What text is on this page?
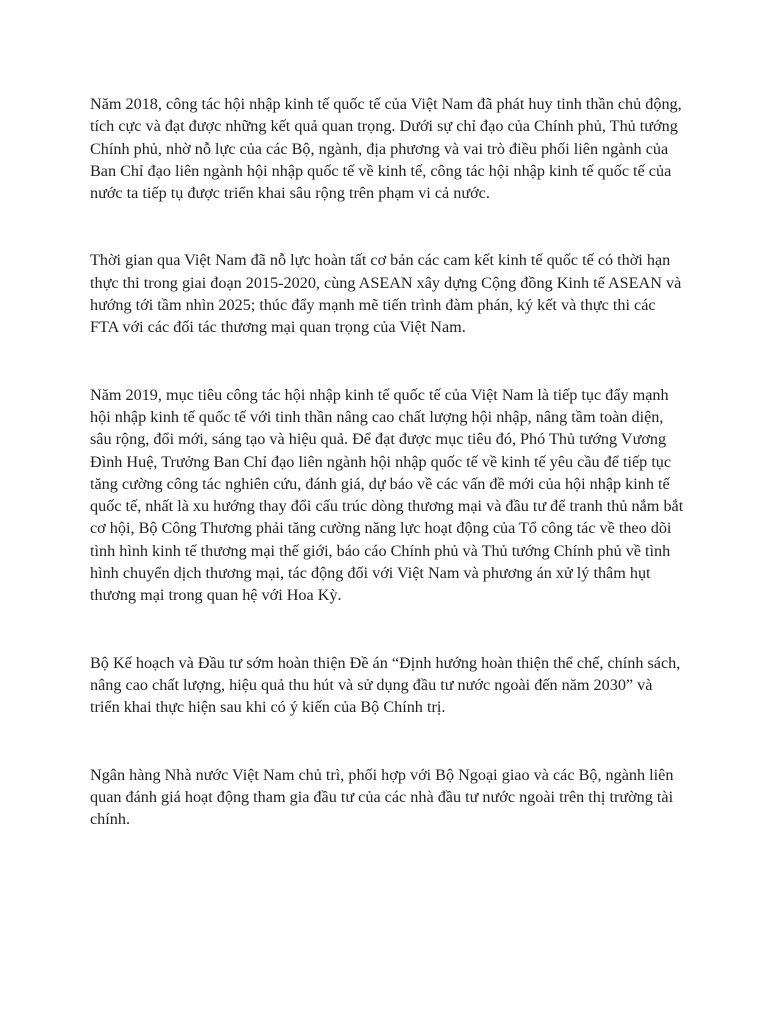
Năm 2018, công tác hội nhập kinh tế quốc tế của Việt Nam đã phát huy tinh thần chủ động, tích cực và đạt được những kết quả quan trọng. Dưới sự chỉ đạo của Chính phủ, Thủ tướng Chính phủ, nhờ nỗ lực của các Bộ, ngành, địa phương và vai trò điều phối liên ngành của Ban Chỉ đạo liên ngành hội nhập quốc tế về kinh tế, công tác hội nhập kinh tế quốc tế của nước ta tiếp tụ được triển khai sâu rộng trên phạm vi cả nước.

Thời gian qua Việt Nam đã nỗ lực hoàn tất cơ bản các cam kết kinh tế quốc tế có thời hạn thực thi trong giai đoạn 2015-2020, cùng ASEAN xây dựng Cộng đồng Kinh tế ASEAN và hướng tới tầm nhìn 2025; thúc đẩy mạnh mẽ tiến trình đàm phán, ký kết và thực thi các FTA với các đối tác thương mại quan trọng của Việt Nam.

Năm 2019, mục tiêu công tác hội nhập kinh tế quốc tế của Việt Nam là tiếp tục đẩy mạnh hội nhập kinh tế quốc tế với tinh thần nâng cao chất lượng hội nhập, nâng tầm toàn diện, sâu rộng, đổi mới, sáng tạo và hiệu quả. Để đạt được mục tiêu đó, Phó Thủ tướng Vương Đình Huệ, Trưởng Ban Chỉ đạo liên ngành hội nhập quốc tế về kinh tế yêu cầu để tiếp tục tăng cường công tác nghiên cứu, đánh giá, dự báo về các vấn đề mới của hội nhập kinh tế quốc tế, nhất là xu hướng thay đổi cấu trúc dòng thương mại và đầu tư để tranh thủ nắm bắt cơ hội, Bộ Công Thương phải tăng cường năng lực hoạt động của Tổ công tác về theo dõi tình hình kinh tế thương mại thế giới, báo cáo Chính phủ và Thủ tướng Chính phủ về tình hình chuyển dịch thương mại, tác động đối với Việt Nam và phương án xử lý thâm hụt thương mại trong quan hệ với Hoa Kỳ.

Bộ Kế hoạch và Đầu tư sớm hoàn thiện Đề án “Định hướng hoàn thiện thể chế, chính sách, nâng cao chất lượng, hiệu quả thu hút và sử dụng đầu tư nước ngoài đến năm 2030” và triển khai thực hiện sau khi có ý kiến của Bộ Chính trị.

Ngân hàng Nhà nước Việt Nam chủ trì, phối hợp với Bộ Ngoại giao và các Bộ, ngành liên quan đánh giá hoạt động tham gia đầu tư của các nhà đầu tư nước ngoài trên thị trường tài chính.
